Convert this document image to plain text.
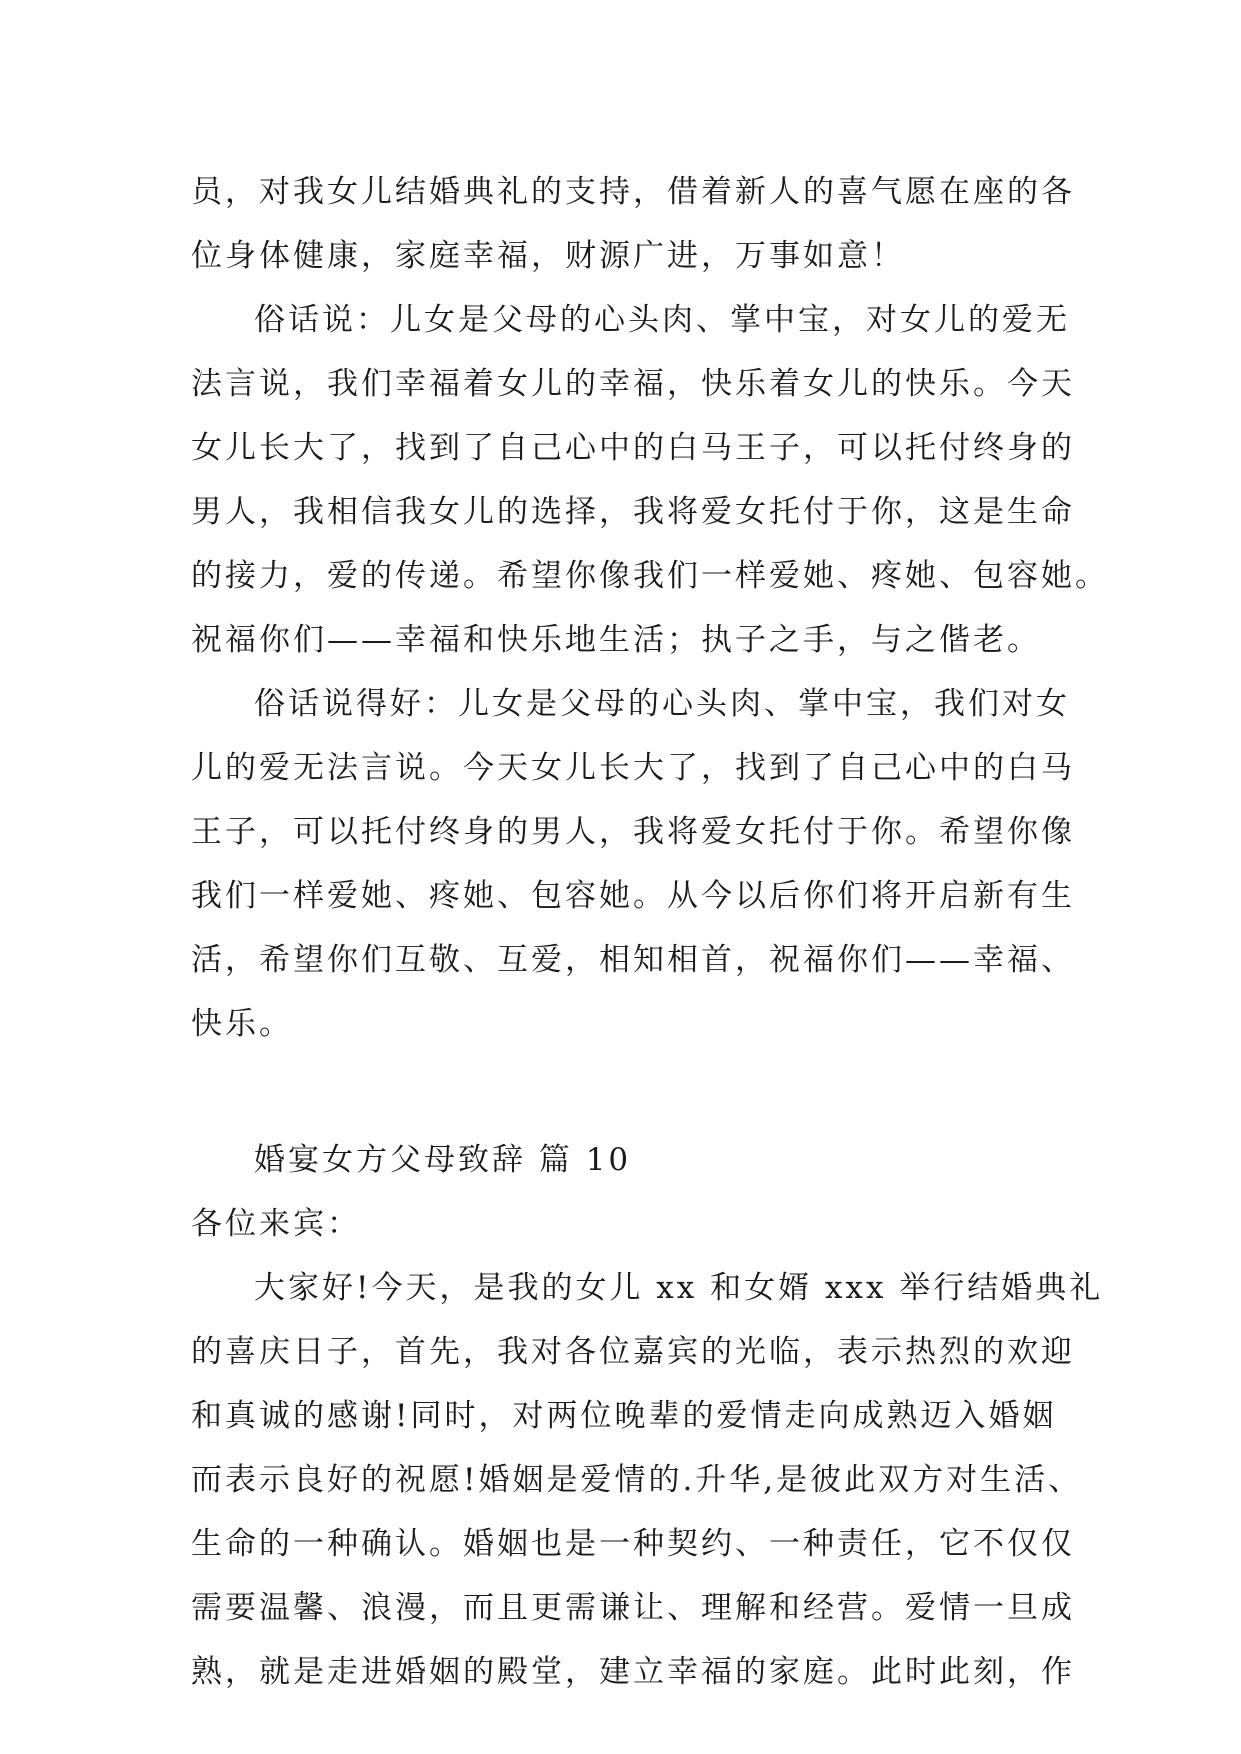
员，对我女儿结婚典礼的支持，借着新人的喜气愿在座的各
位身体健康，家庭幸福，财源广进，万事如意！
俗话说：儿女是父母的心头肉、掌中宝，对女儿的爱无
法言说，我们幸福着女儿的幸福，快乐着女儿的快乐。今天
女儿长大了，找到了自己心中的白马王子，可以托付终身的
男人，我相信我女儿的选择，我将爱女托付于你，这是生命
的接力，爱的传递。希望你像我们一样爱她、疼她、包容她。
祝福你们——幸福和快乐地生活；执子之手，与之偕老。
俗话说得好：儿女是父母的心头肉、掌中宝，我们对女
儿的爱无法言说。今天女儿长大了，找到了自己心中的白马
王子，可以托付终身的男人，我将爱女托付于你。希望你像
我们一样爱她、疼她、包容她。从今以后你们将开启新有生
活，希望你们互敬、互爱，相知相首，祝福你们——幸福、
快乐。
婚宴女方父母致辞 篇 10
各位来宾：
大家好!今天，是我的女儿 xx 和女婿 xxx 举行结婚典礼
的喜庆日子，首先，我对各位嘉宾的光临，表示热烈的欢迎
和真诚的感谢!同时，对两位晚辈的爱情走向成熟迈入婚姻
而表示良好的祝愿!婚姻是爱情的.升华,是彼此双方对生活、
生命的一种确认。婚姻也是一种契约、一种责任，它不仅仅
需要温馨、浪漫，而且更需谦让、理解和经营。爱情一旦成
熟，就是走进婚姻的殿堂，建立幸福的家庭。此时此刻，作
